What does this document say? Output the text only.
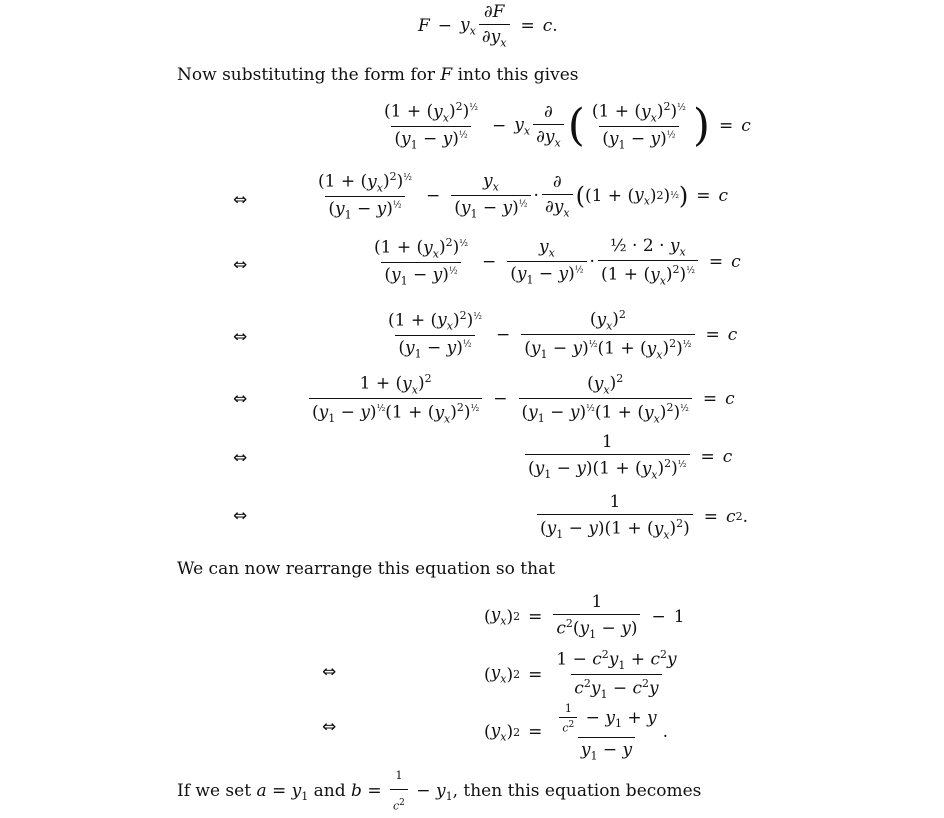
$F - y_x \frac{\partial F}{\partial y_x} = c$ .
Now substituting the form for F into this gives
$\frac{(1 + (y_x)^2)^{\frac{1}{2}}}{(y_1 - y)^{\frac{1}{2}}} - y_x \frac{\partial}{\partial y_x}$ ( $\frac{(1 + (y_x)^2)^{\frac{1}{2}}}{(y_1 - y)^{\frac{1}{2}}}$ ) = c
⇔	$\frac{(1 + (y_x)^2)^{\frac{1}{2}}}{(y_1 - y)^{\frac{1}{2}}} - \frac{y_x}{(y_1 - y)^{\frac{1}{2}}} \cdot \frac{\partial}{\partial y_x}$ ( (1 + ( $y_x$ ) 2 ) ½ ) = c
⇔	$\frac{(1 + (y_x)^2)^{\frac{1}{2}}}{(y_1 - y)^{\frac{1}{2}}} - \frac{y_x}{(y_1 - y)^{\frac{1}{2}}} \cdot \frac{\frac{1}{2} \cdot 2 \cdot y_x}{(1 + (y_x)^2)^{\frac{1}{2}}} = c$
⇔	$\frac{(1 + (y_x)^2)^{\frac{1}{2}}}{(y_1 - y)^{\frac{1}{2}}} - \frac{(y_x)^2}{(y_1 - y)^{\frac{1}{2}}(1 + (y_x)^2)^{\frac{1}{2}}} = c$
⇔	$\frac{1 + (y_x)^2}{(y_1 - y)^{\frac{1}{2}}(1 + (y_x)^2)^{\frac{1}{2}}} - \frac{(y_x)^2}{(y_1 - y)^{\frac{1}{2}}(1 + (y_x)^2)^{\frac{1}{2}}} = c$
⇔	$\frac{1}{(y_1 - y)(1 + (y_x)^2)^{\frac{1}{2}}} = c$
⇔	$\frac{1}{(y_1 - y)(1 + (y_x)^2)} = c$ 2 .
We can now rearrange this equation so that
( $y_x$ ) $2 = \frac{1}{c^2(y_1 - y)} - 1$
⇔	( $y_x$ ) $2 = \frac{1 - c^2y_1 + c^2y}{c^2y_1 - c^2y}$
⇔	( $y_x$ ) $2 = \frac{\frac{1}{c^2} - y_1 + y}{y_1 - y}$ .
If we set $a = y_1$ and $b = \frac{1}{c^2} - y_1$, then this equation becomes
